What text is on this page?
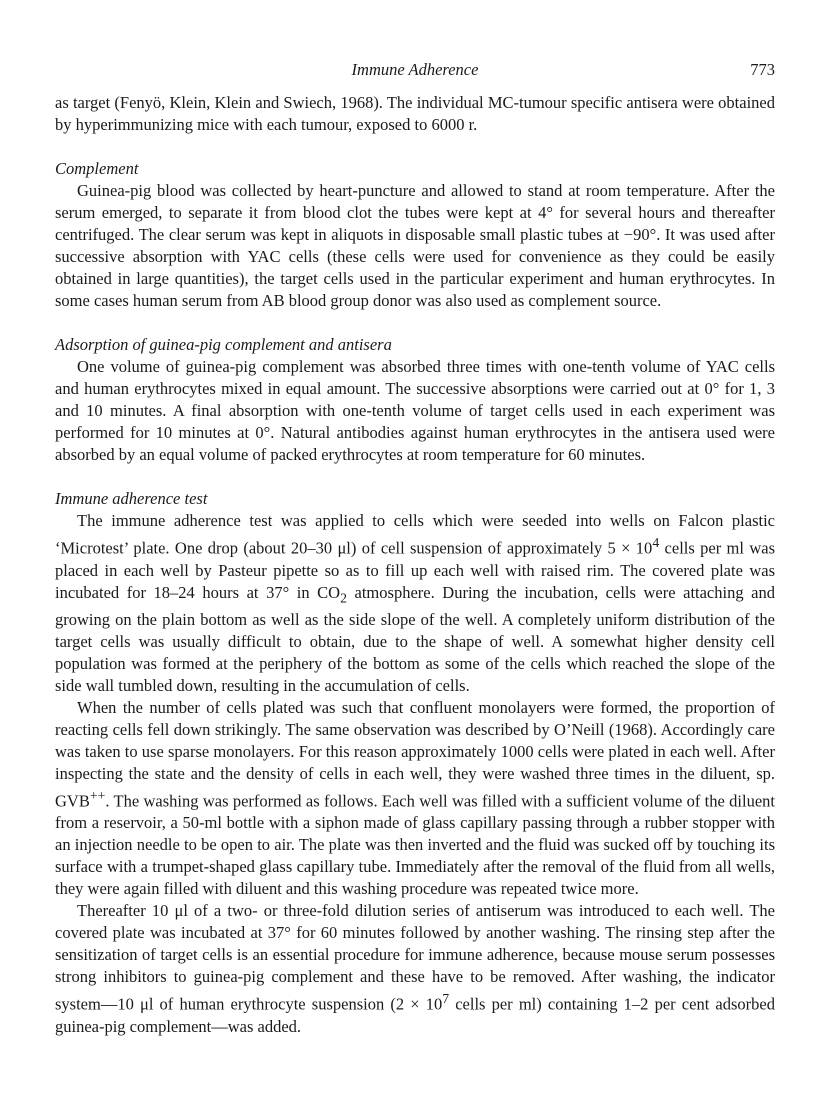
Immune Adherence	773

as target (Fenyö, Klein, Klein and Swiech, 1968). The individual MC-tumour specific antisera were obtained by hyperimmunizing mice with each tumour, exposed to 6000 r.

Complement

Guinea-pig blood was collected by heart-puncture and allowed to stand at room temperature. After the serum emerged, to separate it from blood clot the tubes were kept at 4° for several hours and thereafter centrifuged. The clear serum was kept in aliquots in disposable small plastic tubes at −90°. It was used after successive absorption with YAC cells (these cells were used for convenience as they could be easily obtained in large quantities), the target cells used in the particular experiment and human erythrocytes. In some cases human serum from AB blood group donor was also used as complement source.

Adsorption of guinea-pig complement and antisera

One volume of guinea-pig complement was absorbed three times with one-tenth volume of YAC cells and human erythrocytes mixed in equal amount. The successive absorptions were carried out at 0° for 1, 3 and 10 minutes. A final absorption with one-tenth volume of target cells used in each experiment was performed for 10 minutes at 0°. Natural antibodies against human erythrocytes in the antisera used were absorbed by an equal volume of packed erythrocytes at room temperature for 60 minutes.

Immune adherence test

The immune adherence test was applied to cells which were seeded into wells on Falcon plastic ‘Microtest’ plate. One drop (about 20–30 μl) of cell suspension of approximately $5 \times 10^4$ cells per ml was placed in each well by Pasteur pipette so as to fill up each well with raised rim. The covered plate was incubated for 18–24 hours at 37° in $CO_2$ atmosphere. During the incubation, cells were attaching and growing on the plain bottom as well as the side slope of the well. A completely uniform distribution of the target cells was usually difficult to obtain, due to the shape of well. A somewhat higher density cell population was formed at the periphery of the bottom as some of the cells which reached the slope of the side wall tumbled down, resulting in the accumulation of cells.

When the number of cells plated was such that confluent monolayers were formed, the proportion of reacting cells fell down strikingly. The same observation was described by O’Neill (1968). Accordingly care was taken to use sparse monolayers. For this reason approximately 1000 cells were plated in each well. After inspecting the state and the density of cells in each well, they were washed three times in the diluent, sp. GVB++. The washing was performed as follows. Each well was filled with a sufficient volume of the diluent from a reservoir, a 50-ml bottle with a siphon made of glass capillary passing through a rubber stopper with an injection needle to be open to air. The plate was then inverted and the fluid was sucked off by touching its surface with a trumpet-shaped glass capillary tube. Immediately after the removal of the fluid from all wells, they were again filled with diluent and this washing procedure was repeated twice more.

Thereafter 10 μl of a two- or three-fold dilution series of antiserum was introduced to each well. The covered plate was incubated at 37° for 60 minutes followed by another washing. The rinsing step after the sensitization of target cells is an essential procedure for immune adherence, because mouse serum possesses strong inhibitors to guinea-pig complement and these have to be removed. After washing, the indicator system—10 μl of human erythrocyte suspension ($2 \times 10^7$ cells per ml) containing 1–2 per cent adsorbed guinea-pig complement—was added.
